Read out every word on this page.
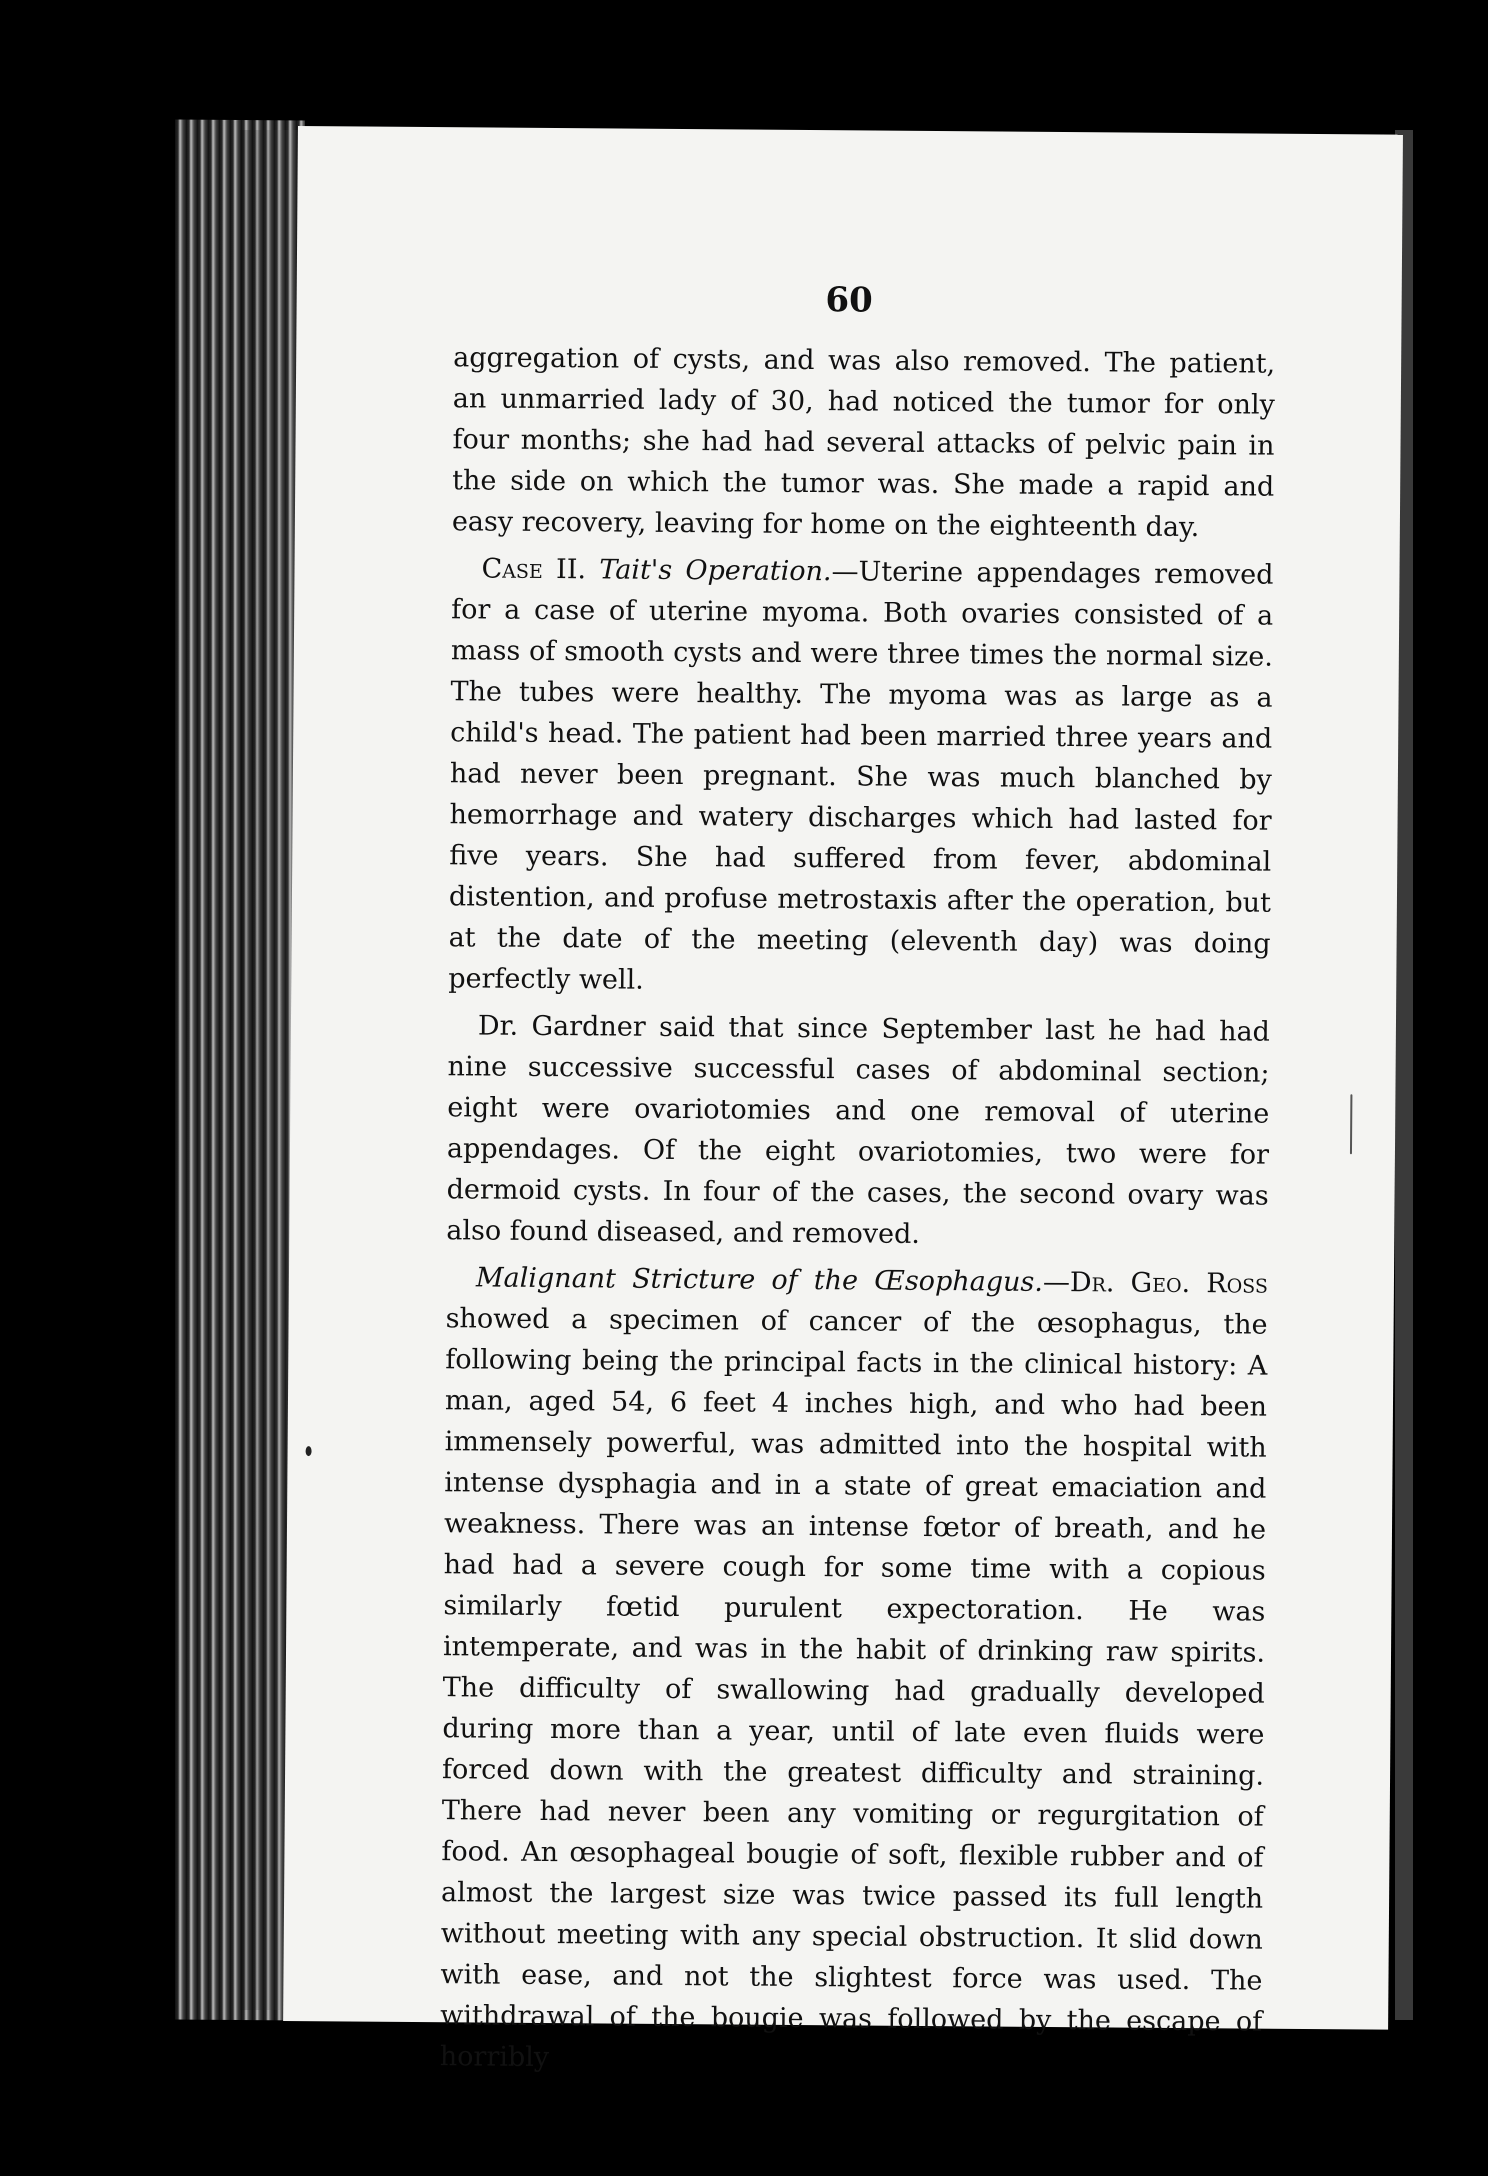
60

aggregation of cysts, and was also removed. The patient, an unmarried lady of 30, had noticed the tumor for only four months; she had had several attacks of pelvic pain in the side on which the tumor was. She made a rapid and easy recovery, leaving for home on the eighteenth day.

Case II. Tait's Operation.—Uterine appendages removed for a case of uterine myoma. Both ovaries consisted of a mass of smooth cysts and were three times the normal size. The tubes were healthy. The myoma was as large as a child's head. The patient had been married three years and had never been pregnant. She was much blanched by hemorrhage and watery discharges which had lasted for five years. She had suffered from fever, abdominal distention, and profuse metrostaxis after the operation, but at the date of the meeting (eleventh day) was doing perfectly well.

Dr. Gardner said that since September last he had had nine successive successful cases of abdominal section; eight were ovariotomies and one removal of uterine appendages. Of the eight ovariotomies, two were for dermoid cysts. In four of the cases, the second ovary was also found diseased, and removed.

Malignant Stricture of the Œsophagus.—Dr. Geo. Ross showed a specimen of cancer of the œsophagus, the following being the principal facts in the clinical history: A man, aged 54, 6 feet 4 inches high, and who had been immensely powerful, was admitted into the hospital with intense dysphagia and in a state of great emaciation and weakness. There was an intense fœtor of breath, and he had had a severe cough for some time with a copious similarly fœtid purulent expectoration. He was intemperate, and was in the habit of drinking raw spirits. The difficulty of swallowing had gradually developed during more than a year, until of late even fluids were forced down with the greatest difficulty and straining. There had never been any vomiting or regurgitation of food. An œsophageal bougie of soft, flexible rubber and of almost the largest size was twice passed its full length without meeting with any special obstruction. It slid down with ease, and not the slightest force was used. The withdrawal of the bougie was followed by the escape of horribly
